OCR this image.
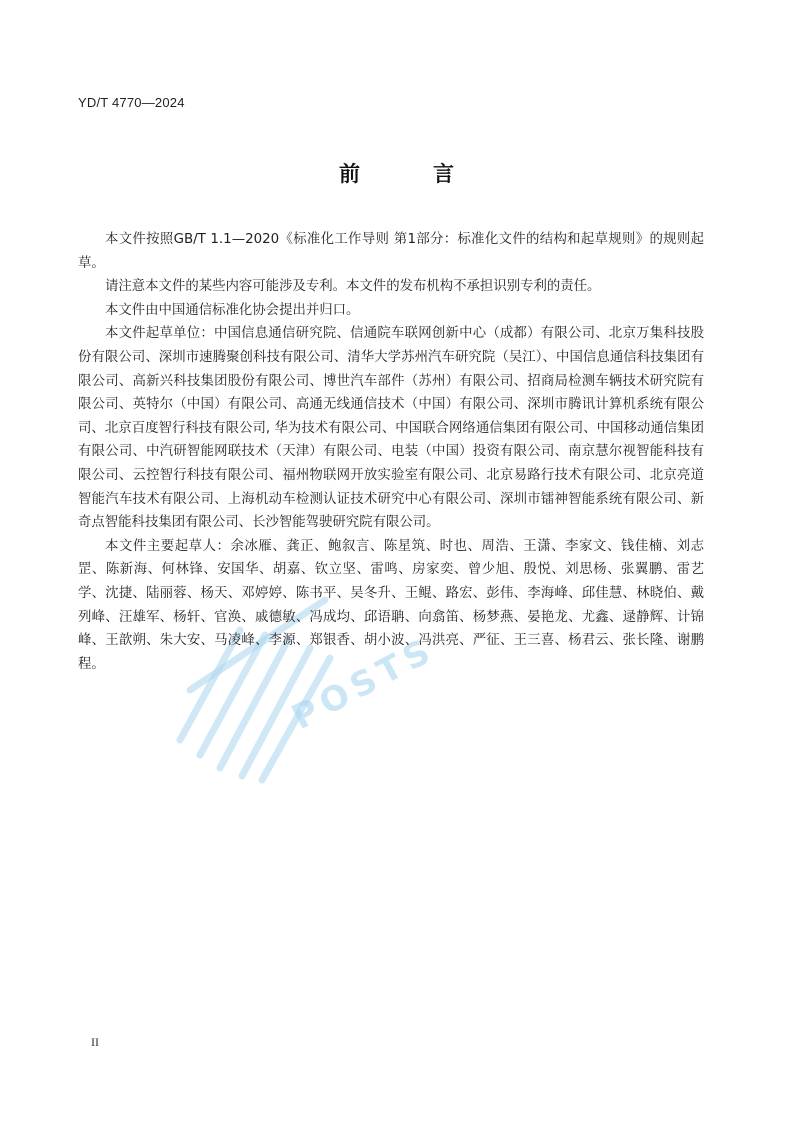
YD/T 4770—2024
前　言
POSTS

本文件按照GB/T 1.1—2020《标准化工作导则 第1部分：标准化文件的结构和起草规则》的规则起草。

请注意本文件的某些内容可能涉及专利。本文件的发布机构不承担识别专利的责任。

本文件由中国通信标准化协会提出并归口。

本文件起草单位：中国信息通信研究院、信通院车联网创新中心（成都）有限公司、北京万集科技股份有限公司、深圳市速腾聚创科技有限公司、清华大学苏州汽车研究院（吴江）、中国信息通信科技集团有限公司、高新兴科技集团股份有限公司、博世汽车部件（苏州）有限公司、招商局检测车辆技术研究院有限公司、英特尔（中国）有限公司、高通无线通信技术（中国）有限公司、深圳市腾讯计算机系统有限公司、北京百度智行科技有限公司, 华为技术有限公司、中国联合网络通信集团有限公司、中国移动通信集团有限公司、中汽研智能网联技术（天津）有限公司、电装（中国）投资有限公司、南京慧尔视智能科技有限公司、云控智行科技有限公司、福州物联网开放实验室有限公司、北京易路行技术有限公司、北京亮道智能汽车技术有限公司、上海机动车检测认证技术研究中心有限公司、深圳市镭神智能系统有限公司、新奇点智能科技集团有限公司、长沙智能驾驶研究院有限公司。

本文件主要起草人：余冰雁、龚正、鲍叙言、陈星筑、时也、周浩、王潇、李家文、钱佳楠、刘志罡、陈新海、何林锋、安国华、胡嘉、钦立坚、雷鸣、房家奕、曾少旭、殷悦、刘思杨、张翼鹏、雷艺学、沈捷、陆丽蓉、杨天、邓婷婷、陈书平、吴冬升、王鲲、路宏、彭伟、李海峰、邱佳慧、林晓伯、戴列峰、汪雄军、杨轩、官涣、戚德敏、冯成均、邱语聃、向翕笛、杨梦燕、晏艳龙、尤鑫、逯静辉、计锦峰、王歆朔、朱大安、马凌峰、李源、郑银香、胡小波、冯洪亮、严征、王三喜、杨君云、张长隆、谢鹏程。

II
